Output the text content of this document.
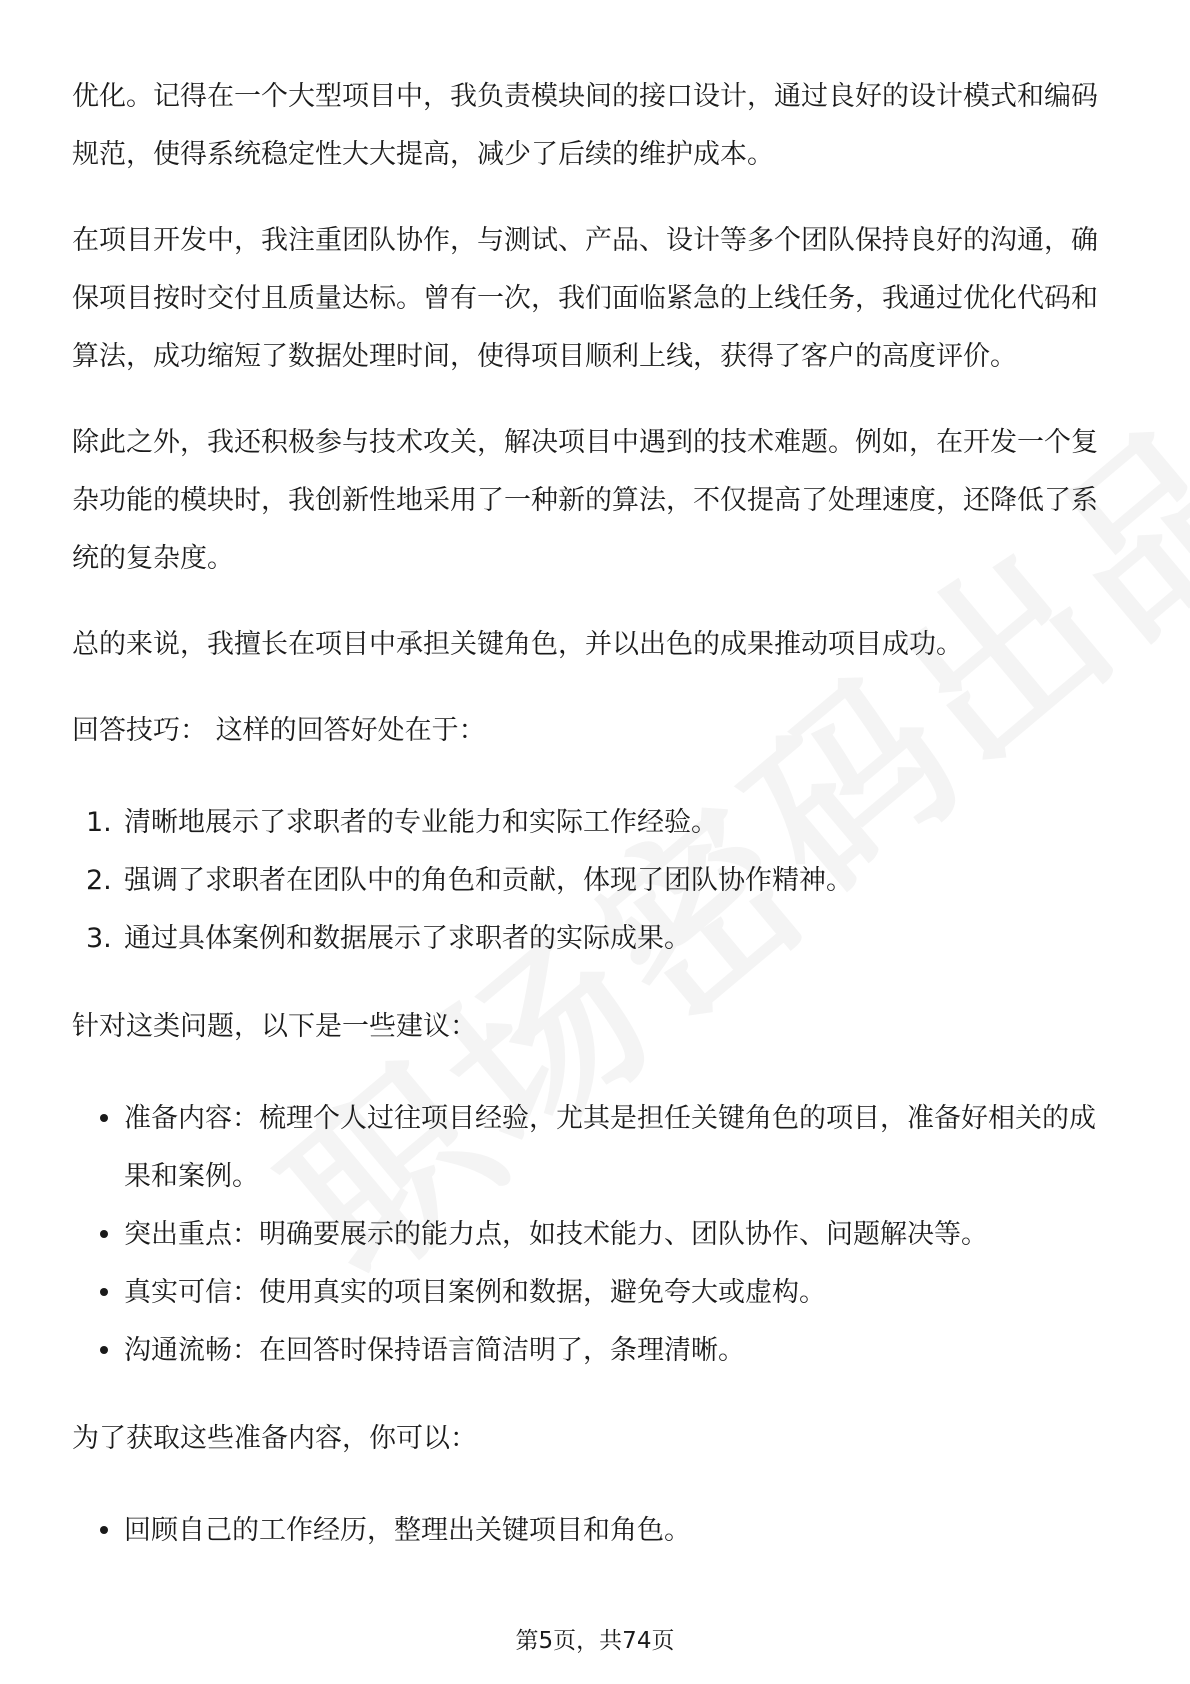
优化。记得在一个大型项目中，我负责模块间的接口设计，通过良好的设计模式和编码规范，使得系统稳定性大大提高，减少了后续的维护成本。

在项目开发中，我注重团队协作，与测试、产品、设计等多个团队保持良好的沟通，确保项目按时交付且质量达标。曾有一次，我们面临紧急的上线任务，我通过优化代码和算法，成功缩短了数据处理时间，使得项目顺利上线，获得了客户的高度评价。

除此之外，我还积极参与技术攻关，解决项目中遇到的技术难题。例如，在开发一个复杂功能的模块时，我创新性地采用了一种新的算法，不仅提高了处理速度，还降低了系统的复杂度。

总的来说，我擅长在项目中承担关键角色，并以出色的成果推动项目成功。

回答技巧： 这样的回答好处在于：

1. 清晰地展示了求职者的专业能力和实际工作经验。
2. 强调了求职者在团队中的角色和贡献，体现了团队协作精神。
3. 通过具体案例和数据展示了求职者的实际成果。

针对这类问题，以下是一些建议：

准备内容：梳理个人过往项目经验，尤其是担任关键角色的项目，准备好相关的成果和案例。
突出重点：明确要展示的能力点，如技术能力、团队协作、问题解决等。
真实可信：使用真实的项目案例和数据，避免夸大或虚构。
沟通流畅：在回答时保持语言简洁明了，条理清晰。

为了获取这些准备内容，你可以：

回顾自己的工作经历，整理出关键项目和角色。
第5页，共74页
